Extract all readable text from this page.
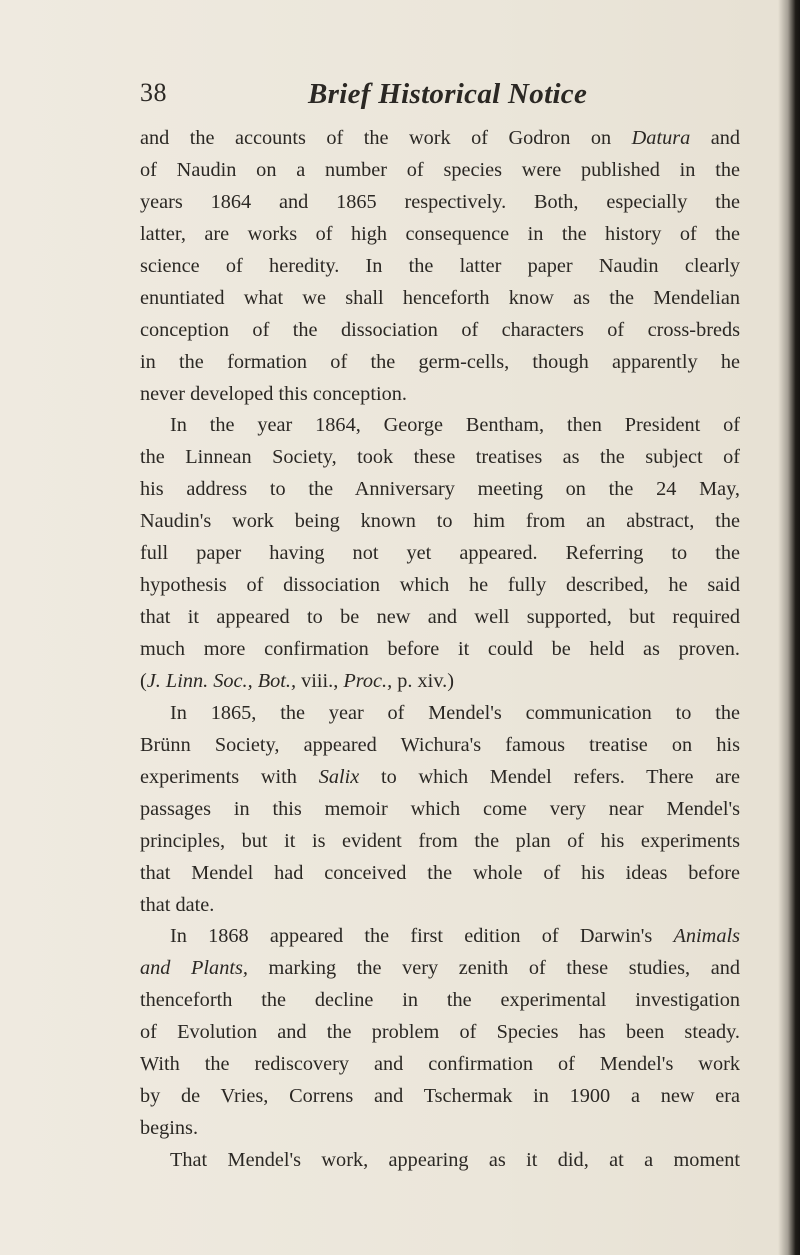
38	Brief Historical Notice
and the accounts of the work of Godron on Datura and
of Naudin on a number of species were published in the
years 1864 and 1865 respectively. Both, especially the
latter, are works of high consequence in the history of the
science of heredity. In the latter paper Naudin clearly
enuntiated what we shall henceforth know as the Mendelian
conception of the dissociation of characters of cross-breds
in the formation of the germ-cells, though apparently he
never developed this conception.
In the year 1864, George Bentham, then President of
the Linnean Society, took these treatises as the subject of
his address to the Anniversary meeting on the 24 May,
Naudin's work being known to him from an abstract, the
full paper having not yet appeared. Referring to the
hypothesis of dissociation which he fully described, he said
that it appeared to be new and well supported, but required
much more confirmation before it could be held as proven.
(J. Linn. Soc., Bot., viii., Proc., p. xiv.)
In 1865, the year of Mendel's communication to the
Brünn Society, appeared Wichura's famous treatise on his
experiments with Salix to which Mendel refers. There are
passages in this memoir which come very near Mendel's
principles, but it is evident from the plan of his experiments
that Mendel had conceived the whole of his ideas before
that date.
In 1868 appeared the first edition of Darwin's Animals
and Plants, marking the very zenith of these studies, and
thenceforth the decline in the experimental investigation
of Evolution and the problem of Species has been steady.
With the rediscovery and confirmation of Mendel's work
by de Vries, Correns and Tschermak in 1900 a new era
begins.
That Mendel's work, appearing as it did, at a moment
